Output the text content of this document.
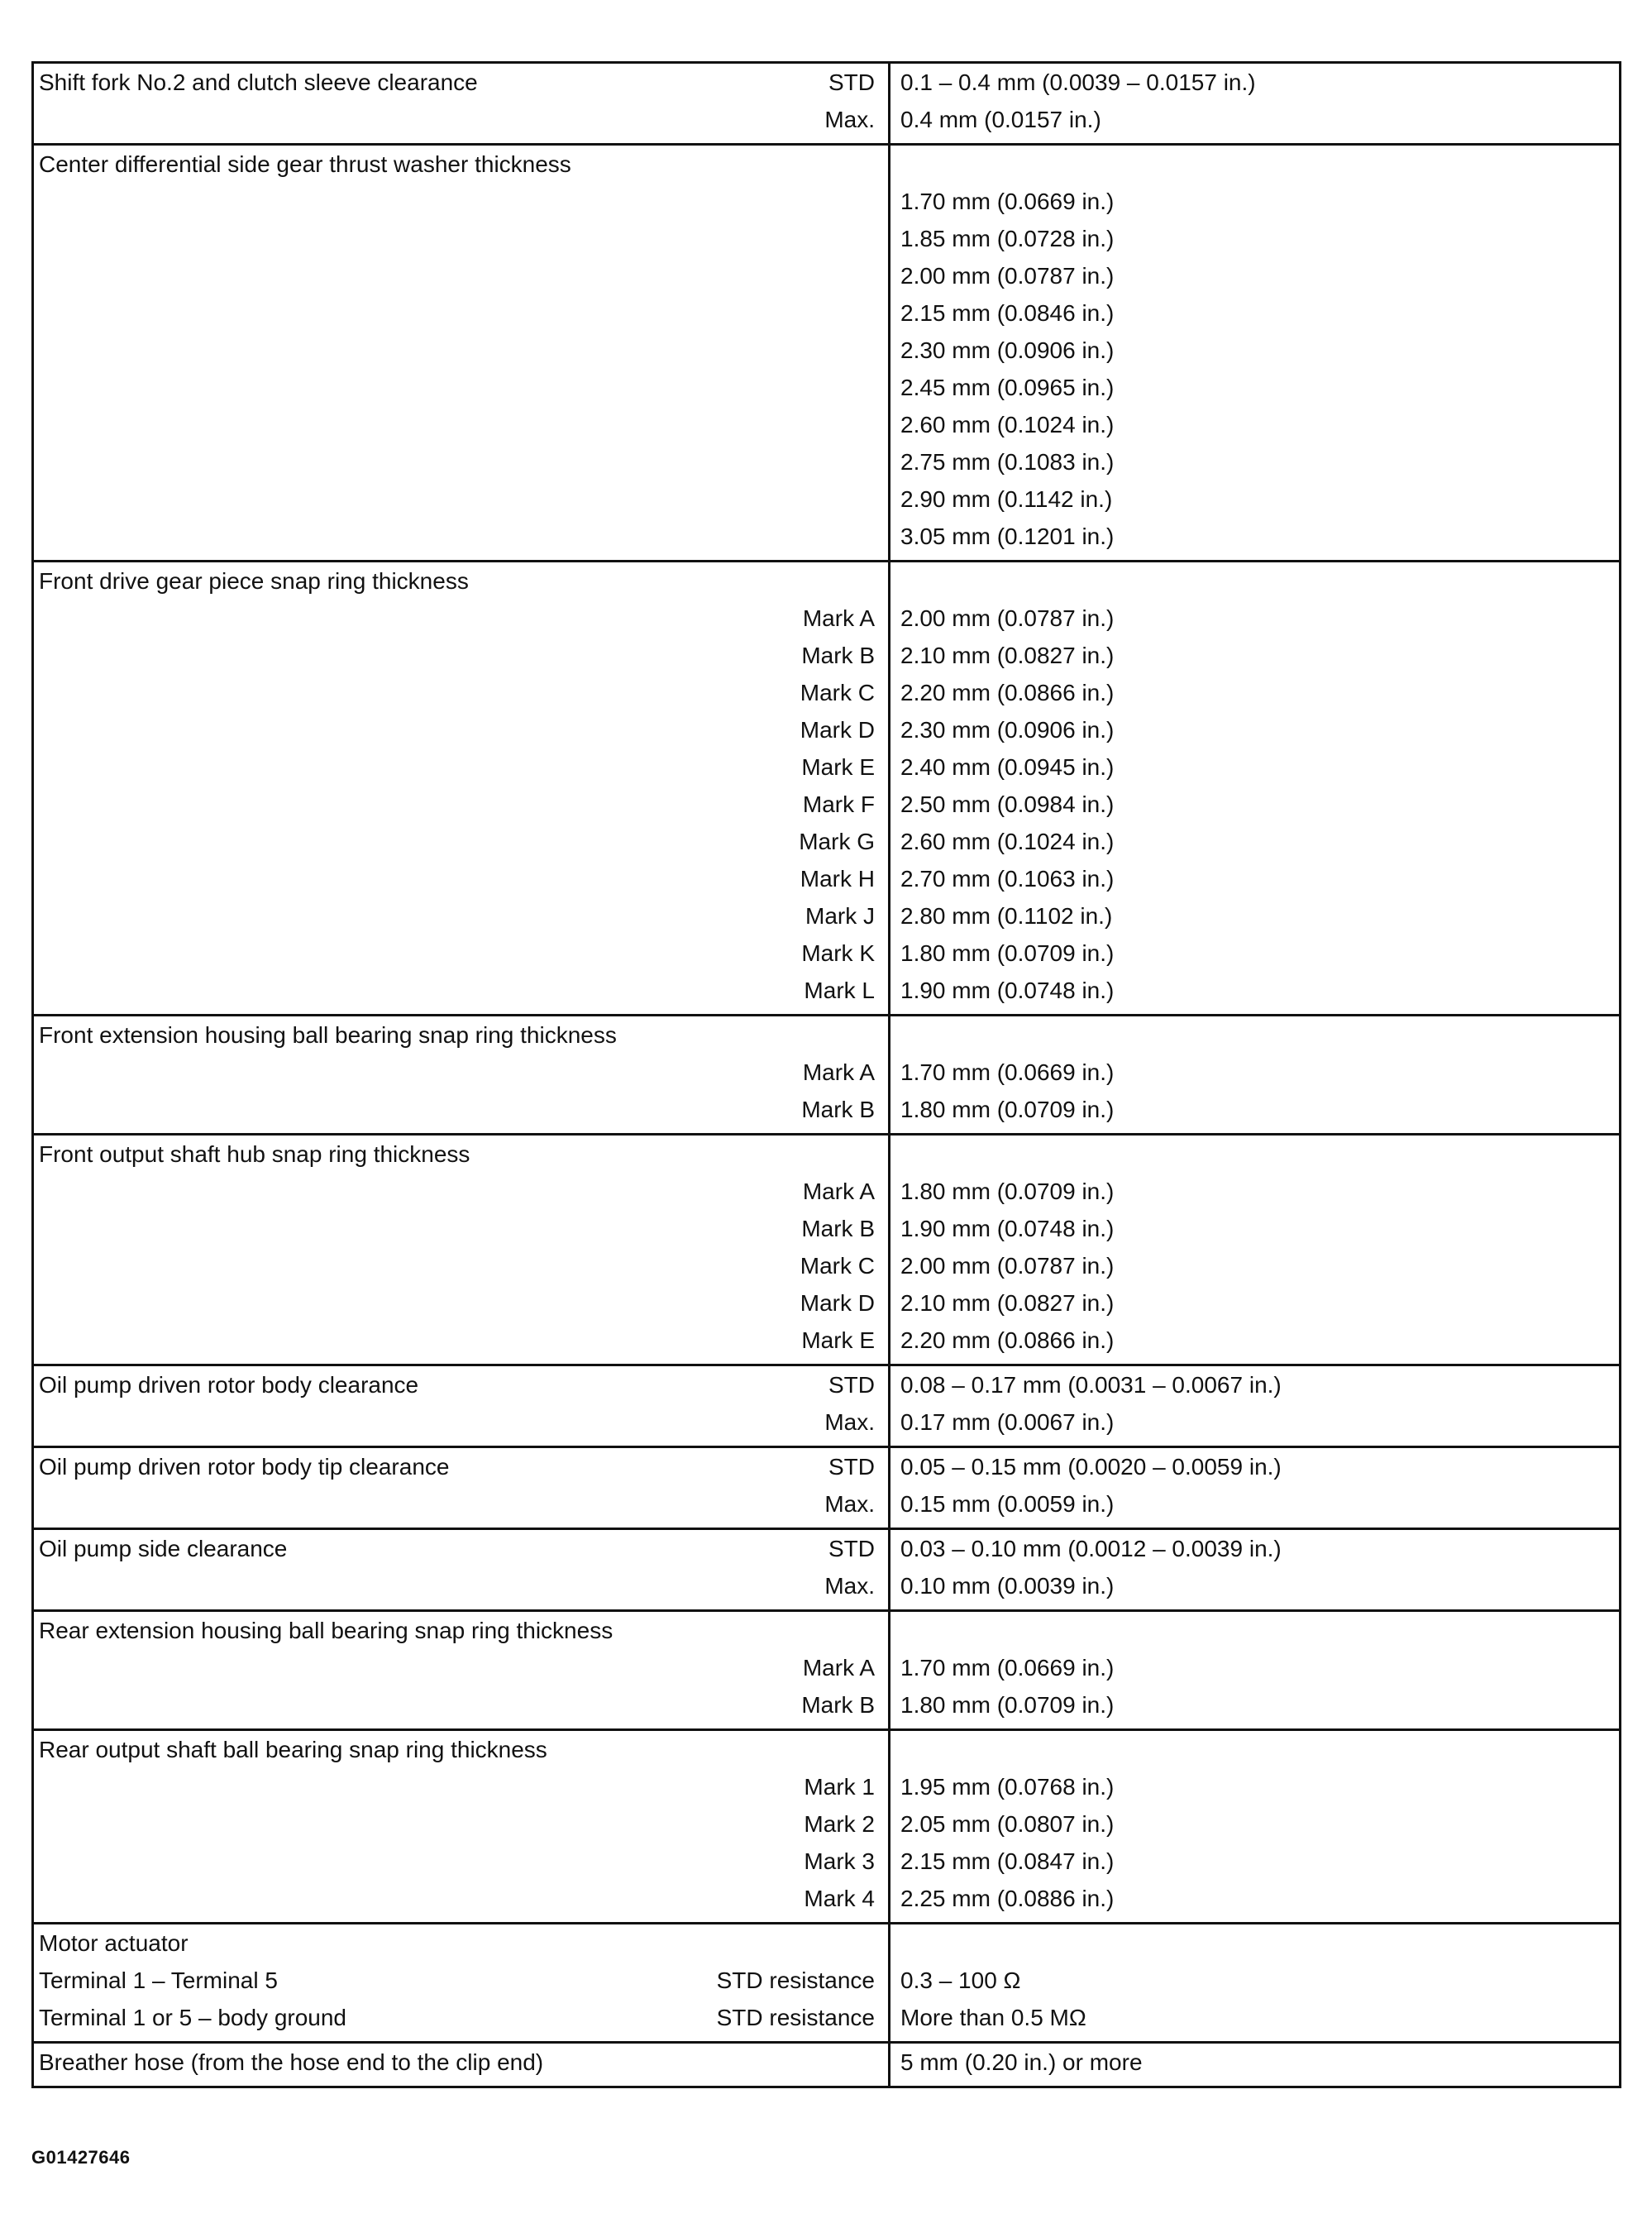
Shift fork No.2 and clutch sleeve clearance	STD	0.1 – 0.4 mm (0.0039 – 0.0157 in.)
Max.	0.4 mm (0.0157 in.)
Center differential side gear thrust washer thickness
1.70 mm (0.0669 in.)
1.85 mm (0.0728 in.)
2.00 mm (0.0787 in.)
2.15 mm (0.0846 in.)
2.30 mm (0.0906 in.)
2.45 mm (0.0965 in.)
2.60 mm (0.1024 in.)
2.75 mm (0.1083 in.)
2.90 mm (0.1142 in.)
3.05 mm (0.1201 in.)
Front drive gear piece snap ring thickness
Mark A	2.00 mm (0.0787 in.)
Mark B	2.10 mm (0.0827 in.)
Mark C	2.20 mm (0.0866 in.)
Mark D	2.30 mm (0.0906 in.)
Mark E	2.40 mm (0.0945 in.)
Mark F	2.50 mm (0.0984 in.)
Mark G	2.60 mm (0.1024 in.)
Mark H	2.70 mm (0.1063 in.)
Mark J	2.80 mm (0.1102 in.)
Mark K	1.80 mm (0.0709 in.)
Mark L	1.90 mm (0.0748 in.)
Front extension housing ball bearing snap ring thickness
Mark A	1.70 mm (0.0669 in.)
Mark B	1.80 mm (0.0709 in.)
Front output shaft hub snap ring thickness
Mark A	1.80 mm (0.0709 in.)
Mark B	1.90 mm (0.0748 in.)
Mark C	2.00 mm (0.0787 in.)
Mark D	2.10 mm (0.0827 in.)
Mark E	2.20 mm (0.0866 in.)
Oil pump driven rotor body clearance	STD	0.08 – 0.17 mm (0.0031 – 0.0067 in.)
Max.	0.17 mm (0.0067 in.)
Oil pump driven rotor body tip clearance	STD	0.05 – 0.15 mm (0.0020 – 0.0059 in.)
Max.	0.15 mm (0.0059 in.)
Oil pump side clearance	STD	0.03 – 0.10 mm (0.0012 – 0.0039 in.)
Max.	0.10 mm (0.0039 in.)
Rear extension housing ball bearing snap ring thickness
Mark A	1.70 mm (0.0669 in.)
Mark B	1.80 mm (0.0709 in.)
Rear output shaft ball bearing snap ring thickness
Mark 1	1.95 mm (0.0768 in.)
Mark 2	2.05 mm (0.0807 in.)
Mark 3	2.15 mm (0.0847 in.)
Mark 4	2.25 mm (0.0886 in.)
Motor actuator
Terminal 1 – Terminal 5	STD resistance	0.3 – 100 Ω
Terminal 1 or 5 – body ground	STD resistance	More than 0.5 MΩ
Breather hose (from the hose end to the clip end)	5 mm (0.20 in.) or more
G01427646
